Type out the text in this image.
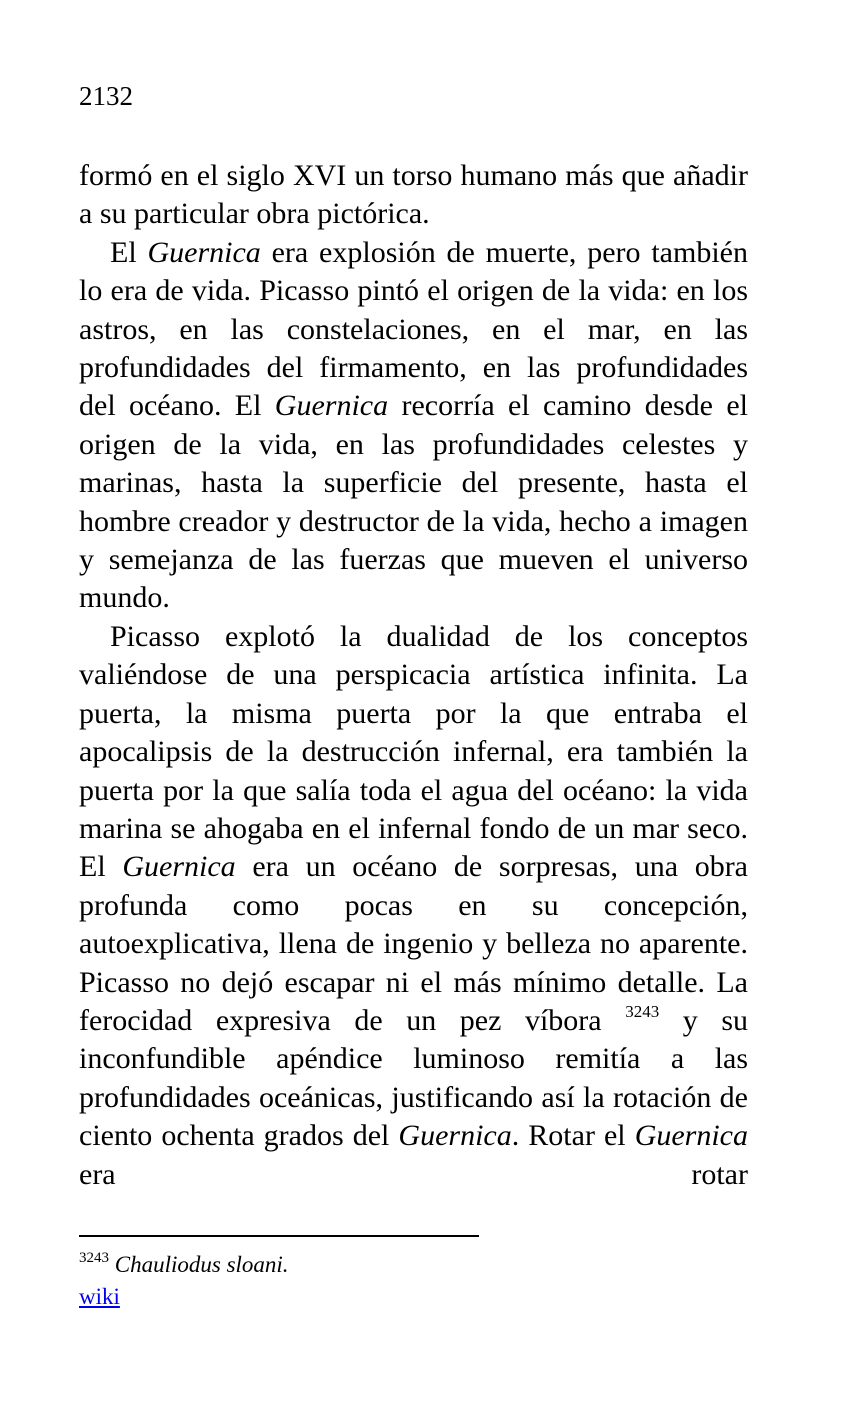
2132

formó en el siglo XVI un torso humano más que añadir a su particular obra pictórica.

El Guernica era explosión de muerte, pero también lo era de vida. Picasso pintó el origen de la vida: en los astros, en las constelaciones, en el mar, en las profundidades del firmamento, en las profundidades del océano. El Guernica recorría el camino desde el origen de la vida, en las profundidades celestes y marinas, hasta la superficie del presente, hasta el hombre creador y destructor de la vida, hecho a imagen y semejanza de las fuerzas que mueven el universo mundo.

Picasso explotó la dualidad de los conceptos valiéndose de una perspicacia artística infinita. La puerta, la misma puerta por la que entraba el apocalipsis de la destrucción infernal, era también la puerta por la que salía toda el agua del océano: la vida marina se ahogaba en el infernal fondo de un mar seco. El Guernica era un océano de sorpresas, una obra profunda como pocas en su concepción, autoexplicativa, llena de ingenio y belleza no aparente. Picasso no dejó escapar ni el más mínimo detalle. La ferocidad expresiva de un pez víbora $^{3243}$ y su inconfundible apéndice luminoso remitía a las profundidades oceánicas, justificando así la rotación de ciento ochenta grados del Guernica. Rotar el Guernica era rotar

$^{3243}$ Chauliodus sloani.
wiki
